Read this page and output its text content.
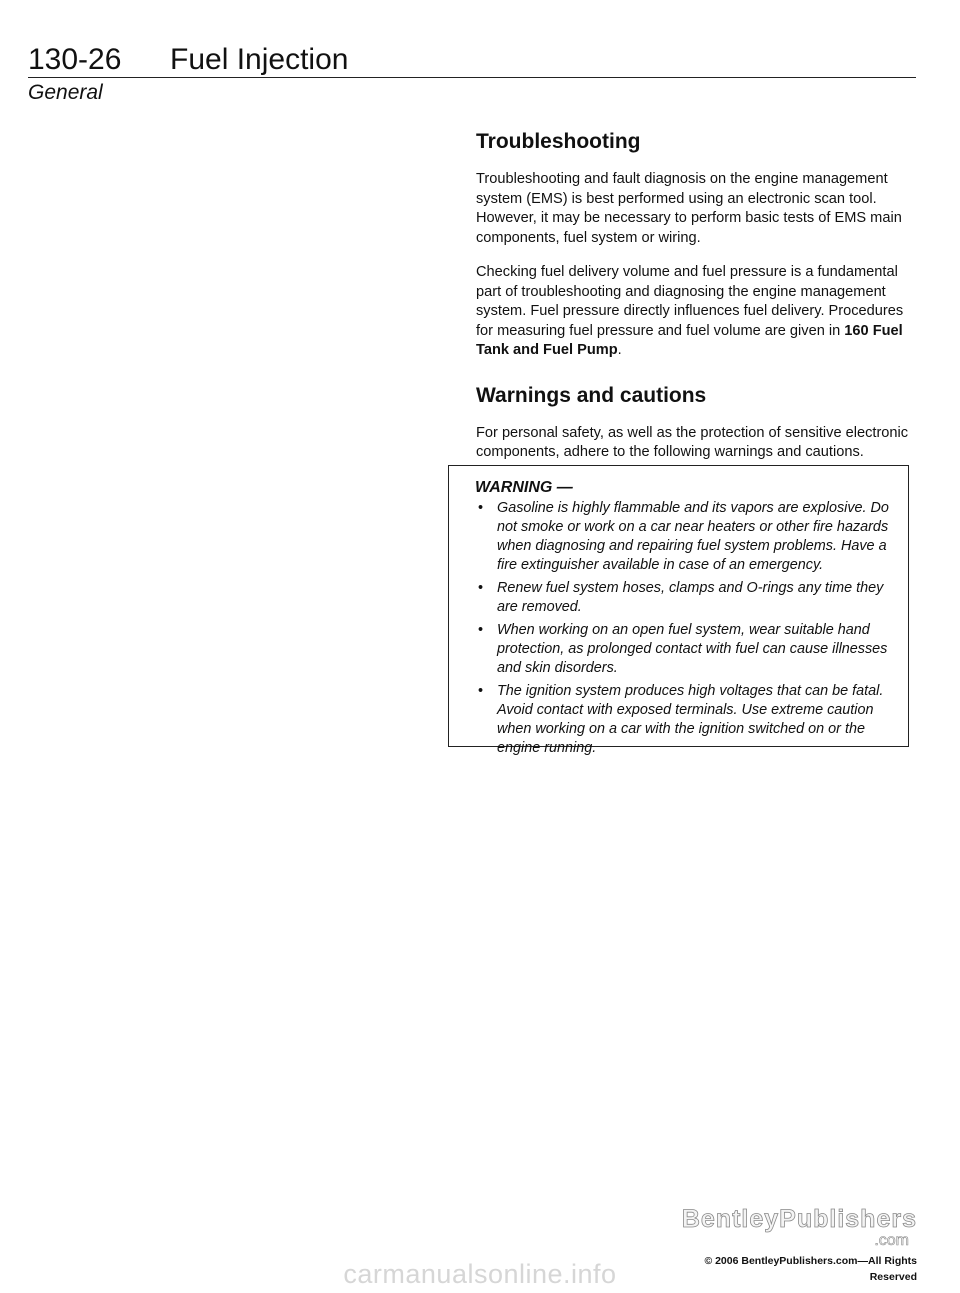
130-26 Fuel Injection
General
Troubleshooting

Troubleshooting and fault diagnosis on the engine management system (EMS) is best performed using an electronic scan tool. However, it may be necessary to perform basic tests of EMS main components, fuel system or wiring.

Checking fuel delivery volume and fuel pressure is a fundamental part of troubleshooting and diagnosing the engine management system. Fuel pressure directly influences fuel delivery. Procedures for measuring fuel pressure and fuel volume are given in 160 Fuel Tank and Fuel Pump.

Warnings and cautions

For personal safety, as well as the protection of sensitive electronic components, adhere to the following warnings and cautions.

WARNING —
• Gasoline is highly flammable and its vapors are explosive. Do not smoke or work on a car near heaters or other fire hazards when diagnosing and repairing fuel system problems. Have a fire extinguisher available in case of an emergency.
• Renew fuel system hoses, clamps and O-rings any time they are removed.
• When working on an open fuel system, wear suitable hand protection, as prolonged contact with fuel can cause illnesses and skin disorders.
• The ignition system produces high voltages that can be fatal. Avoid contact with exposed terminals. Use extreme caution when working on a car with the ignition switched on or the engine running.
BentleyPublishers
.com
© 2006 BentleyPublishers.com—All Rights Reserved
carmanualsonline.info
